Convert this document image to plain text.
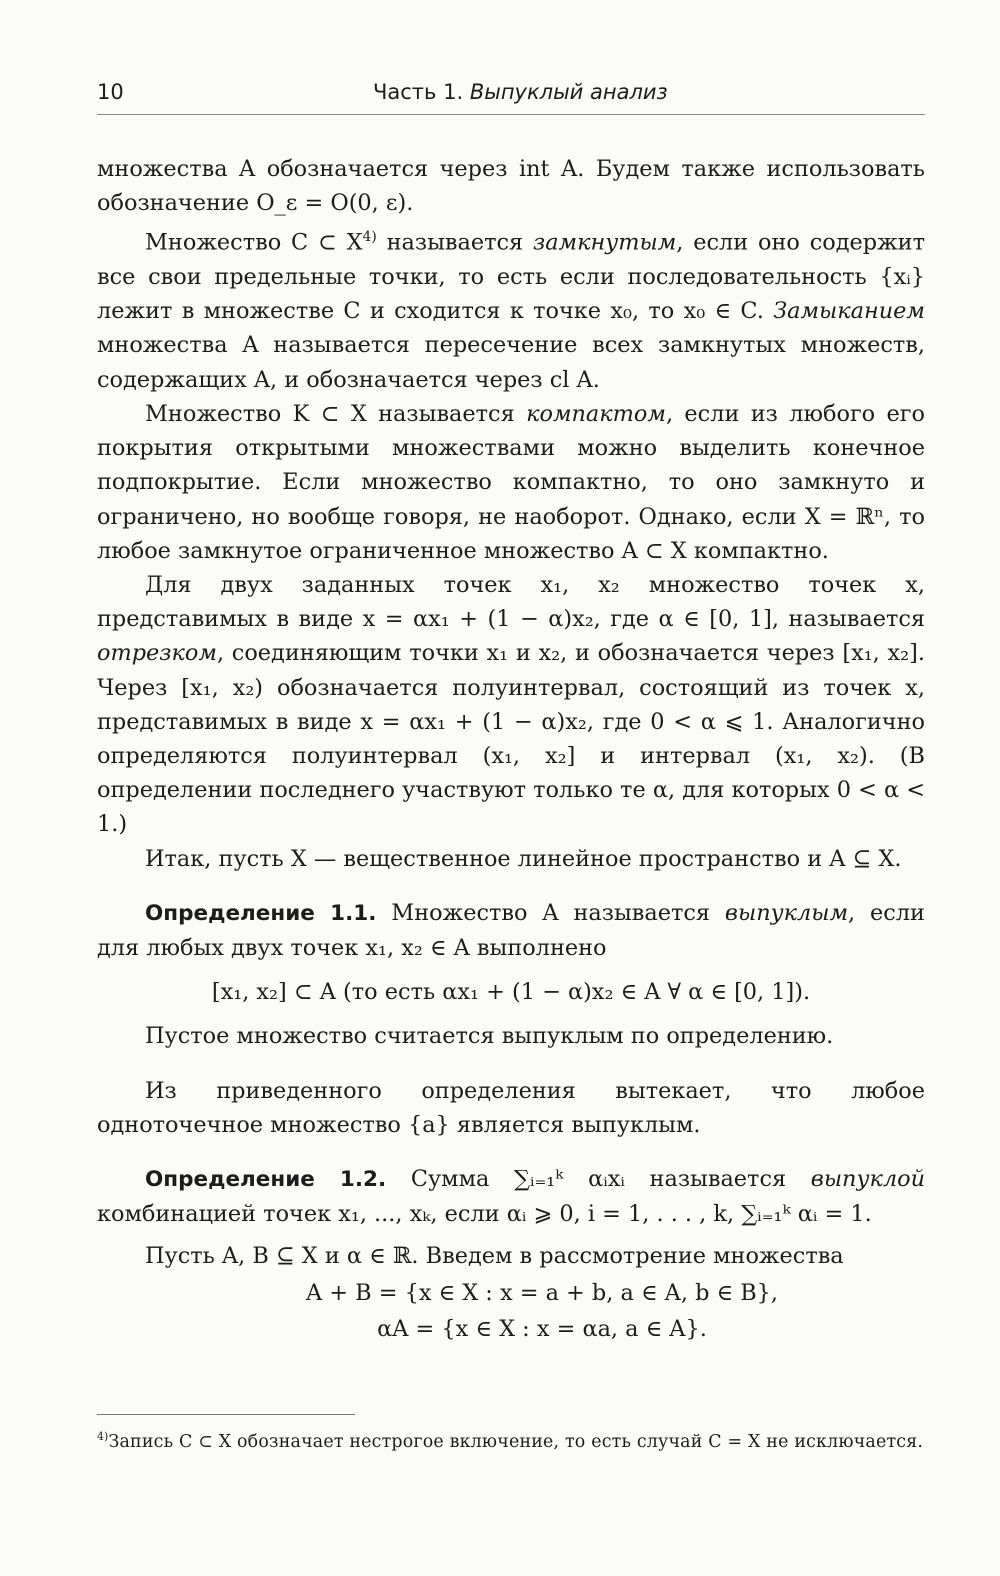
10	Часть 1. Выпуклый анализ

множества A обозначается через int A. Будем также использовать обозначение O_ε = O(0, ε).

Множество C ⊂ $X^{4)}$ называется замкнутым, если оно содержит все свои предельные точки, то есть если последовательность {xᵢ} лежит в множестве C и сходится к точке x₀, то x₀ ∈ C. Замыканием множества A называется пересечение всех замкнутых множеств, содержащих A, и обозначается через cl A.

Множество K ⊂ X называется компактом, если из любого его покрытия открытыми множествами можно выделить конечное подпокрытие. Если множество компактно, то оно замкнуто и ограничено, но вообще говоря, не наоборот. Однако, если X = ℝⁿ, то любое замкнутое ограниченное множество A ⊂ X компактно.

Для двух заданных точек x₁, x₂ множество точек x, представимых в виде x = αx₁ + (1 − α)x₂, где α ∈ [0, 1], называется отрезком, соединяющим точки x₁ и x₂, и обозначается через [x₁, x₂]. Через [x₁, x₂) обозначается полуинтервал, состоящий из точек x, представимых в виде x = αx₁ + (1 − α)x₂, где 0 < α ⩽ 1. Аналогично определяются полуинтервал (x₁, x₂] и интервал (x₁, x₂). (В определении последнего участвуют только те α, для которых 0 < α < 1.)

Итак, пусть X — вещественное линейное пространство и A ⊆ X.

Определение 1.1. Множество A называется выпуклым, если для любых двух точек x₁, x₂ ∈ A выполнено

[x₁, x₂] ⊂ A (то есть αx₁ + (1 − α)x₂ ∈ A ∀ α ∈ [0, 1]).

Пустое множество считается выпуклым по определению.

Из приведенного определения вытекает, что любое одноточечное множество {a} является выпуклым.

Определение 1.2. Сумма ∑ᵢ₌₁ᵏ αᵢxᵢ называется выпуклой комбинацией точек x₁, ..., xₖ, если αᵢ ⩾ 0, i = 1, . . . , k, ∑ᵢ₌₁ᵏ αᵢ = 1.

Пусть A, B ⊆ X и α ∈ ℝ. Введем в рассмотрение множества

A + B = {x ∈ X : x = a + b, a ∈ A, b ∈ B},
αA = {x ∈ X : x = αa, a ∈ A}.
$^{4)}$Запись C ⊂ X обозначает нестрогое включение, то есть случай C = X не исключается.
